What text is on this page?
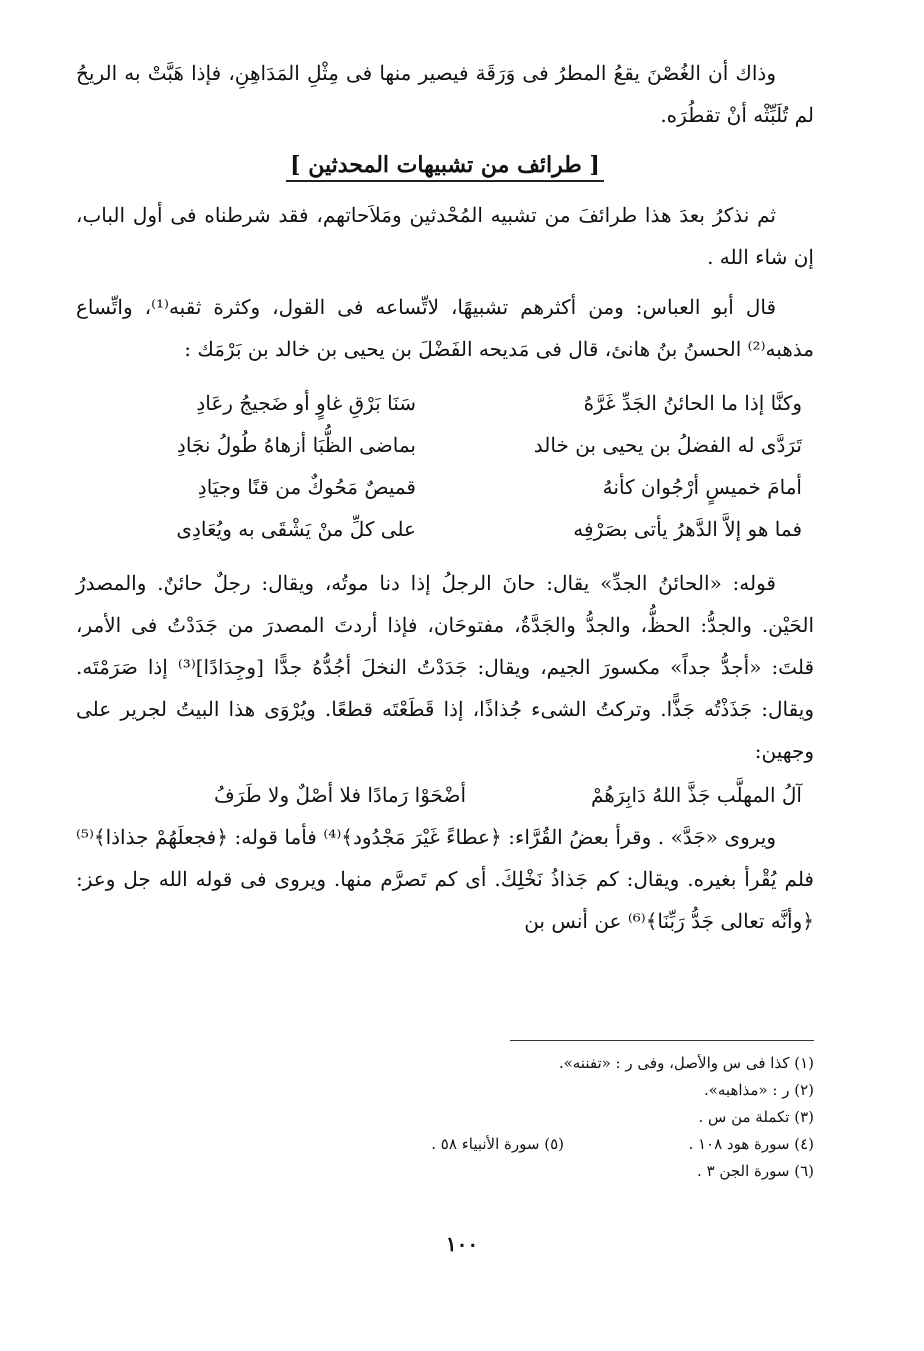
وذاك أن الغُصْنَ يقعُ المطرُ فى وَرَقَة فيصير منها فى مِثْلِ المَدَاهِنِ، فإذا هَبَّتْ به الريحُ لم تُلَبِّثْه أنْ تقطُرَه.

[ طرائف من تشبيهات المحدثين ]

ثم نذكرُ بعدَ هذا طرائفَ من تشبيه المُحْدثين ومَلاَحاتهم، فقد شرطناه فى أول الباب، إن شاء الله .

قال أبو العباس: ومن أكثرهم تشبيهًا، لاتِّساعه فى القول، وكثرة ثقبه⁽¹⁾، واتِّساع مذهبه⁽²⁾ الحسنُ بنُ هانئ، قال فى مَديحه الفَضْلَ بن يحيى بن خالد بن بَرْمَك :

وكنَّا إذا ما الحائنُ الجَدِّ غَرَّهُ
سَنَا بَرْقِ غاوٍ أو ضَجيجُ رعَادِ
تَرَدَّى له الفضلُ بن يحيى بن خالد
بماضى الظُّبَا أزهاهُ طُولُ نجَادِ
أمامَ خميسٍ أرْجُوان كأنهُ
قميصٌ مَحُوكٌ من قنًا وجيَادِ
فما هو إلاَّ الدَّهرُ يأتى بصَرْفِه
على كلِّ منْ يَشْقَى به ويُعَادِى

قوله: «الحائنُ الجدِّ» يقال: حانَ الرجلُ إذا دنا موتُه، ويقال: رجلٌ حائنٌ. والمصدرُ الحَيْن. والجدُّ: الحظُّ، والجدُّ والجَدَّةُ، مفتوحَان، فإذا أردتَ المصدرَ من جَدَدْتُ فى الأمر، قلتَ: «أجدُّ جداً» مكسورَ الجيم، ويقال: جَدَدْتُ النخلَ أجُدُّهُ جدًّا [وجِدَادًا]⁽³⁾ إذا صَرَمْتَه. ويقال: جَذَذْتُه جَذًّا. وتركتُ الشىء جُذاذًا، إذا قَطَعْتَه قطعًا. ويُرْوَى هذا البيتُ لجرير على وجهين:

آلُ المهلَّب جَذَّ اللهُ دَابِرَهُمْ
أضْحَوْا رَمادًا فلا أصْلٌ ولا طَرَفُ

ويروى «جَدَّ» . وقرأ بعضُ القُرَّاء: ﴿عطاءً غَيْرَ مَجْدُود﴾⁽⁴⁾ فأما قوله: ﴿فجعلَهُمْ جذاذا﴾⁽⁵⁾ فلم يُقْرأ بغيره. ويقال: كم جَذاذُ نَخْلِكَ. أى كم تَصرَّم منها. ويروى فى قوله الله جل وعز: ﴿وأنَّه تعالى جَدُّ رَبِّنَا﴾⁽⁶⁾ عن أنس بن

(١) كذا فى س والأصل، وفى ر : «تفننه».
(٢) ر : «مذاهبه».
(٣) تكملة من س .
(٤) سورة هود ١٠٨ .
(٥) سورة الأنبياء ٥٨ .
(٦) سورة الجن ٣ .
١٠٠
